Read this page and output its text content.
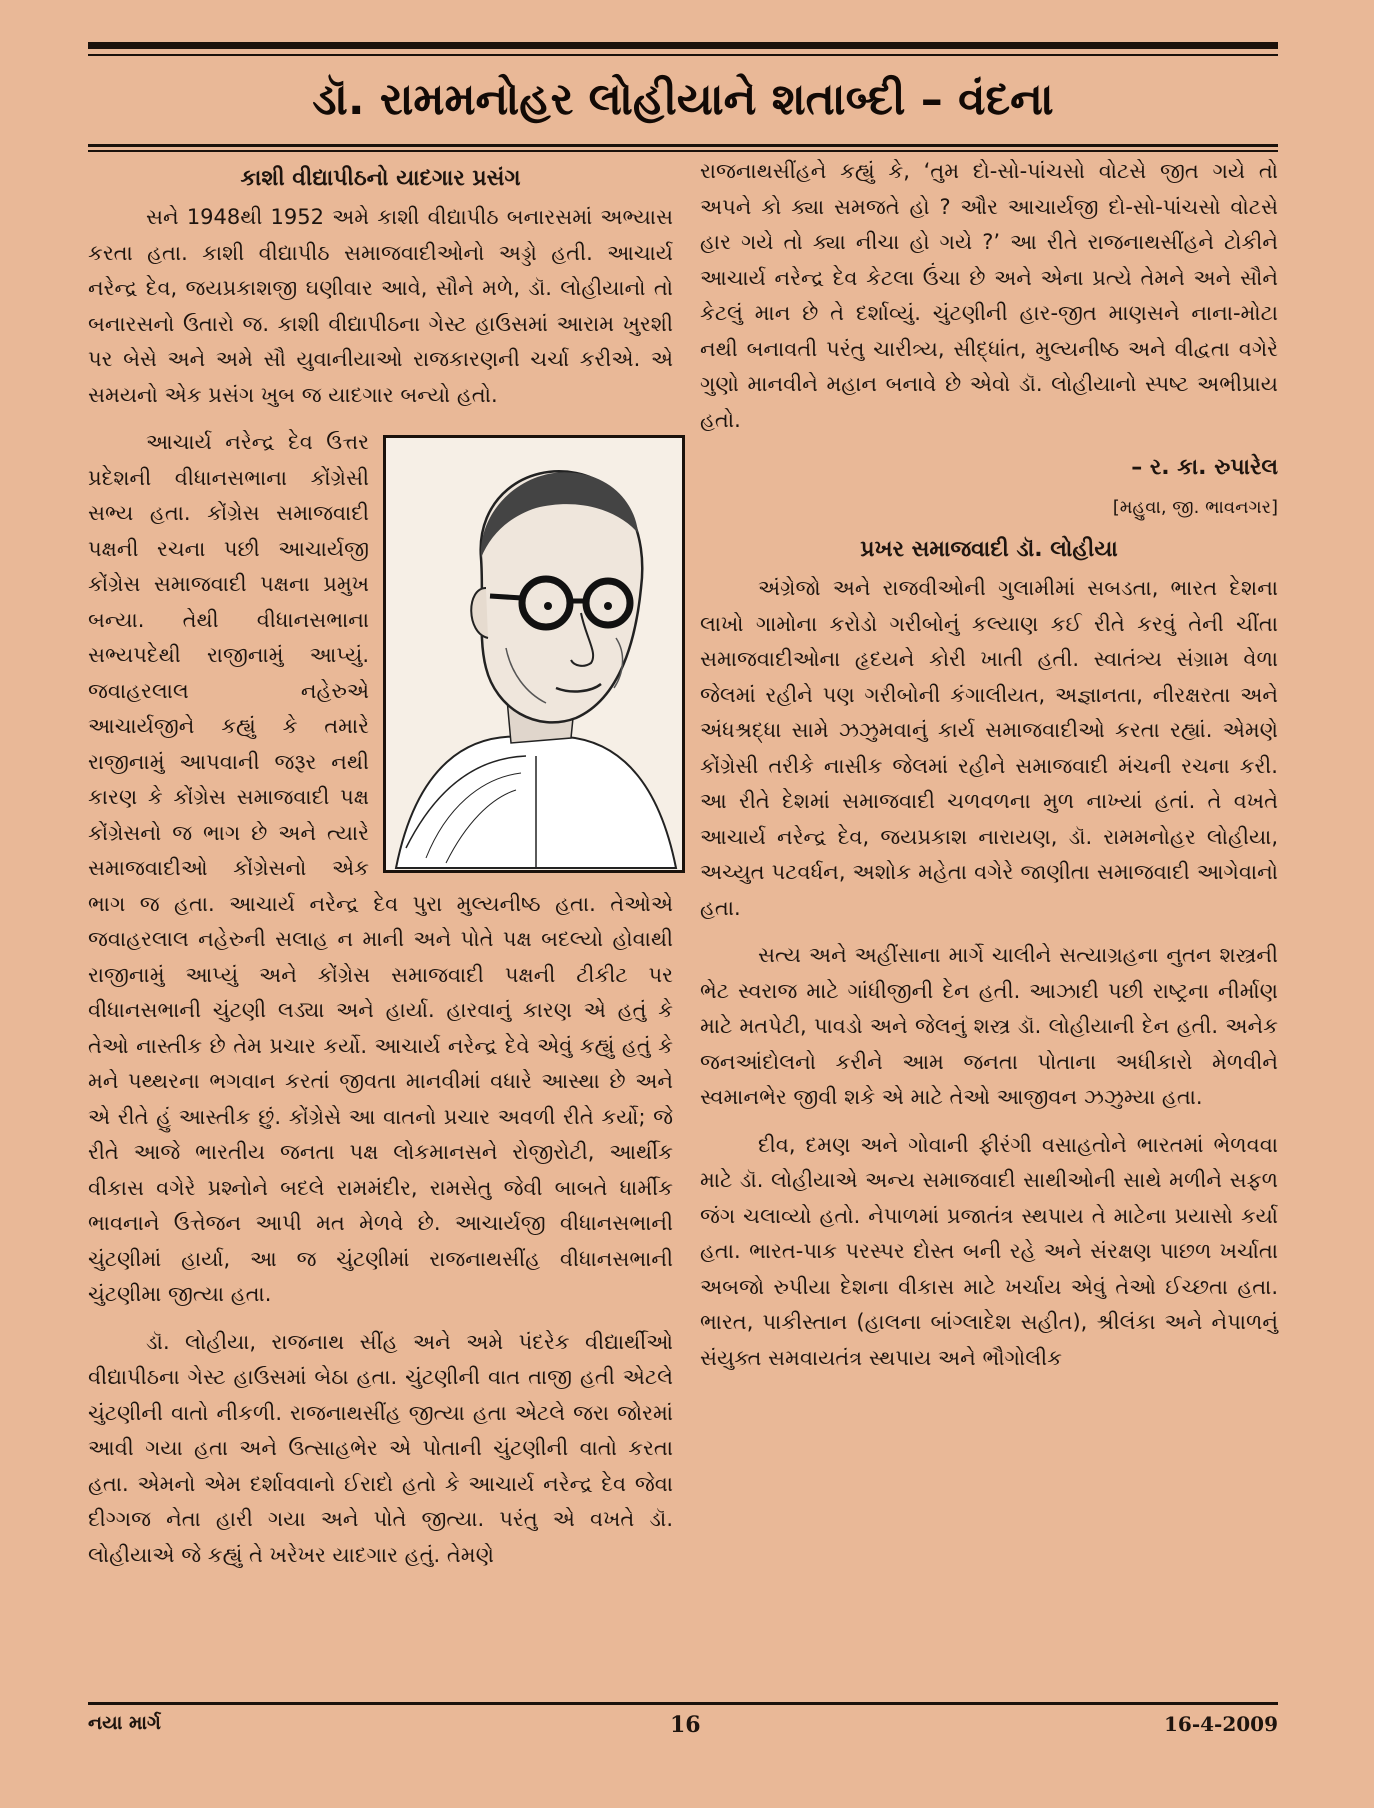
ડૉ. રામમનોહર લોહીયાને શતાબ્દી – વંદના
કાશી વીદ્યાપીઠનો યાદગાર પ્રસંગ

સને 1948થી 1952 અમે કાશી વીદ્યાપીઠ બનારસમાં અભ્યાસ કરતા હતા. કાશી વીદ્યાપીઠ સમાજવાદીઓનો અડ્ડો હતી. આચાર્ય નરેન્દ્ર દેવ, જયપ્રકાશજી ઘણીવાર આવે, સૌને મળે, ડૉ. લોહીયાનો તો બનારસનો ઉતારો જ. કાશી વીદ્યાપીઠના ગેસ્ટ હાઉસમાં આરામ ખુરશી પર બેસે અને અમે સૌ યુવાનીયાઓ રાજકારણની ચર્ચા કરીએ. એ સમયનો એક પ્રસંગ ખુબ જ યાદગાર બન્યો હતો.

આચાર્ય નરેન્દ્ર દેવ ઉત્તર પ્રદેશની વીધાનસભાના કોંગ્રેસી સભ્ય હતા. કોંગ્રેસ સમાજવાદી પક્ષની રચના પછી આચાર્યજી કોંગ્રેસ સમાજવાદી પક્ષના પ્રમુખ બન્યા. તેથી વીધાનસભાના સભ્યપદેથી રાજીનામું આપ્યું. જવાહરલાલ નહેરુએ આચાર્યજીને કહ્યું કે તમારે રાજીનામું આપવાની જરૂર નથી કારણ કે કોંગ્રેસ સમાજવાદી પક્ષ કોંગ્રેસનો જ ભાગ છે અને ત્યારે સમાજવાદીઓ કોંગ્રેસનો એક ભાગ જ હતા. આચાર્ય નરેન્દ્ર દેવ પુરા મુલ્યનીષ્ઠ હતા. તેઓએ જવાહરલાલ નહેરુની સલાહ ન માની અને પોતે પક્ષ બદલ્યો હોવાથી રાજીનામું આપ્યું અને કોંગ્રેસ સમાજવાદી પક્ષની ટીકીટ પર વીધાનસભાની ચુંટણી લડ્યા અને હાર્યા. હારવાનું કારણ એ હતું કે તેઓ નાસ્તીક છે તેમ પ્રચાર કર્યો. આચાર્ય નરેન્દ્ર દેવે એવું કહ્યું હતું કે મને પથ્થરના ભગવાન કરતાં જીવતા માનવીમાં વધારે આસ્થા છે અને એ રીતે હું આસ્તીક છું. કોંગ્રેસે આ વાતનો પ્રચાર અવળી રીતે કર્યો; જે રીતે આજે ભારતીય જનતા પક્ષ લોકમાનસને રોજીરોટી, આર્થીક વીકાસ વગેરે પ્રશ્નોને બદલે રામમંદીર, રામસેતુ જેવી બાબતે ધાર્મીક ભાવનાને ઉત્તેજન આપી મત મેળવે છે. આચાર્યજી વીધાનસભાની ચુંટણીમાં હાર્યા, આ જ ચુંટણીમાં રાજનાથસીંહ વીધાનસભાની ચુંટણીમા જીત્યા હતા.

ડૉ. લોહીયા, રાજનાથ સીંહ અને અમે પંદરેક વીદ્યાર્થીઓ વીદ્યાપીઠના ગેસ્ટ હાઉસમાં બેઠા હતા. ચુંટણીની વાત તાજી હતી એટલે ચુંટણીની વાતો નીકળી. રાજનાથસીંહ જીત્યા હતા એટલે જરા જોરમાં આવી ગયા હતા અને ઉત્સાહભેર એ પોતાની ચુંટણીની વાતો કરતા હતા. એમનો એમ દર્શાવવાનો ઈરાદો હતો કે આચાર્ય નરેન્દ્ર દેવ જેવા દીગ્ગજ નેતા હારી ગયા અને પોતે જીત્યા. પરંતુ એ વખતે ડૉ. લોહીયાએ જે કહ્યું તે ખરેખર યાદગાર હતું. તેમણે

રાજનાથસીંહને કહ્યું કે, ‘તુમ દો-સો-પાંચસો વોટસે જીત ગયે તો અપને કો ક્યા સમજતે હો ? ઔર આચાર્યજી દો-સો-પાંચસો વોટસે હાર ગયે તો ક્યા નીચા હો ગયે ?’ આ રીતે રાજનાથસીંહને ટોકીને આચાર્ય નરેન્દ્ર દેવ કેટલા ઉંચા છે અને એના પ્રત્યે તેમને અને સૌને કેટલું માન છે તે દર્શાવ્યું. ચુંટણીની હાર-જીત માણસને નાના-મોટા નથી બનાવતી પરંતુ ચારીત્ર્ય, સીદ્ધાંત, મુલ્યનીષ્ઠ અને વીદ્વતા વગેરે ગુણો માનવીને મહાન બનાવે છે એવો ડૉ. લોહીયાનો સ્પષ્ટ અભીપ્રાય હતો.

– ર. કા. રુપારેલ
[મહુવા, જી. ભાવનગર]
પ્રખર સમાજવાદી ડૉ. લોહીયા

અંગ્રેજો અને રાજવીઓની ગુલામીમાં સબડતા, ભારત દેશના લાખો ગામોના કરોડો ગરીબોનું કલ્યાણ કઈ રીતે કરવું તેની ચીંતા સમાજવાદીઓના હૃદયને કોરી ખાતી હતી. સ્વાતંત્ર્ય સંગ્રામ વેળા જેલમાં રહીને પણ ગરીબોની કંગાલીયત, અજ્ઞાનતા, નીરક્ષરતા અને અંધશ્રદ્ધા સામે ઝઝુમવાનું કાર્ય સમાજવાદીઓ કરતા રહ્યાં. એમણે કોંગ્રેસી તરીકે નાસીક જેલમાં રહીને સમાજવાદી મંચની રચના કરી. આ રીતે દેશમાં સમાજવાદી ચળવળના મુળ નાખ્યાં હતાં. તે વખતે આચાર્ય નરેન્દ્ર દેવ, જયપ્રકાશ નારાયણ, ડૉ. રામમનોહર લોહીયા, અચ્યુત પટવર્ધન, અશોક મહેતા વગેરે જાણીતા સમાજવાદી આગેવાનો હતા.

સત્ય અને અહીંસાના માર્ગે ચાલીને સત્યાગ્રહના નુતન શસ્ત્રની ભેટ સ્વરાજ માટે ગાંધીજીની દેન હતી. આઝાદી પછી રાષ્ટ્રના નીર્માણ માટે મતપેટી, પાવડો અને જેલનું શસ્ત્ર ડૉ. લોહીયાની દેન હતી. અનેક જનઆંદોલનો કરીને આમ જનતા પોતાના અધીકારો મેળવીને સ્વમાનભેર જીવી શકે એ માટે તેઓ આજીવન ઝઝુમ્યા હતા.

દીવ, દમણ અને ગોવાની ફીરંગી વસાહતોને ભારતમાં ભેળવવા માટે ડૉ. લોહીયાએ અન્ય સમાજવાદી સાથીઓની સાથે મળીને સફળ જંગ ચલાવ્યો હતો. નેપાળમાં પ્રજાતંત્ર સ્થપાય તે માટેના પ્રયાસો કર્યા હતા. ભારત-પાક પરસ્પર દોસ્ત બની રહે અને સંરક્ષણ પાછળ ખર્ચાતા અબજો રુપીયા દેશના વીકાસ માટે ખર્ચાય એવું તેઓ ઈચ્છતા હતા. ભારત, પાકીસ્તાન (હાલના બાંગ્લાદેશ સહીત), શ્રીલંકા અને નેપાળનું સંયુક્ત સમવાયતંત્ર સ્થપાય અને ભૌગોલીક

નયા માર્ગ	16	16-4-2009
